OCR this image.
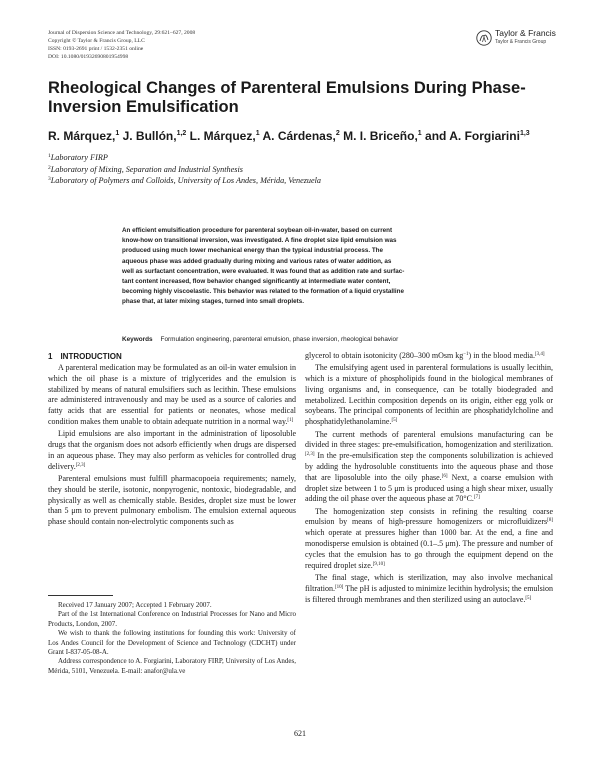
Journal of Dispersion Science and Technology, 29:621–627, 2008
Copyright © Taylor & Francis Group, LLC
ISSN: 0193-2691 print / 1532-2351 online
DOI: 10.1080/01932690801954998
Taylor & Francis
Taylor & Francis Group
Rheological Changes of Parenteral Emulsions During Phase-Inversion Emulsification
R. Márquez,$^1$ J. Bullón,$^{1,2}$ L. Márquez,$^1$ A. Cárdenas,$^2$ M. I. Briceño,$^1$ and A. Forgiarini$^{1,3}$
$^1$Laboratory FIRP
$^2$Laboratory of Mixing, Separation and Industrial Synthesis
$^3$Laboratory of Polymers and Colloids, University of Los Andes, Mérida, Venezuela
An efficient emulsification procedure for parenteral soybean oil-in-water, based on current
know-how on transitional inversion, was investigated. A fine droplet size lipid emulsion was
produced using much lower mechanical energy than the typical industrial process. The
aqueous phase was added gradually during mixing and various rates of water addition, as
well as surfactant concentration, were evaluated. It was found that as addition rate and surfac-
tant content increased, flow behavior changed significantly at intermediate water content,
becoming highly viscoelastic. This behavior was related to the formation of a liquid crystalline
phase that, at later mixing stages, turned into small droplets.
Keywords Formulation engineering, parenteral emulsion, phase inversion, rheological behavior
1 INTRODUCTION

A parenteral medication may be formulated as an oil-in water emulsion in which the oil phase is a mixture of triglycerides and the emulsion is stabilized by means of natural emulsifiers such as lecithin. These emulsions are administered intravenously and may be used as a source of calories and fatty acids that are essential for patients or neonates, whose medical condition makes them unable to obtain adequate nutrition in a normal way.[1]

Lipid emulsions are also important in the administration of liposoluble drugs that the organism does not adsorb efficiently when drugs are dispersed in an aqueous phase. They may also perform as vehicles for controlled drug delivery.[2,3]

Parenteral emulsions must fulfill pharmacopoeia requirements; namely, they should be sterile, isotonic, nonpyrogenic, nontoxic, biodegradable, and physically as well as chemically stable. Besides, droplet size must be lower than 5 μm to prevent pulmonary embolism. The emulsion external aqueous phase should contain non-electrolytic components such as

glycerol to obtain isotonicity (280–300 mOsm $kg^{-1}$) in the blood media.[3,4]

The emulsifying agent used in parenteral formulations is usually lecithin, which is a mixture of phospholipids found in the biological membranes of living organisms and, in consequence, can be totally biodegraded and metabolized. Lecithin composition depends on its origin, either egg yolk or soybeans. The principal components of lecithin are phosphatidylcholine and phosphatidylethanolamine.[5]

The current methods of parenteral emulsions manufacturing can be divided in three stages: pre-emulsification, homogenization and sterilization.[2,3] In the pre-emulsification step the components solubilization is achieved by adding the hydrosoluble constituents into the aqueous phase and those that are liposoluble into the oily phase.[6] Next, a coarse emulsion with droplet size between 1 to 5 μm is produced using a high shear mixer, usually adding the oil phase over the aqueous phase at 70°C.[7]

The homogenization step consists in refining the resulting coarse emulsion by means of high-pressure homogenizers or microfluidizers[8] which operate at pressures higher than 1000 bar. At the end, a fine and monodisperse emulsion is obtained (0.1–.5 μm). The pressure and number of cycles that the emulsion has to go through the equipment depend on the required droplet size.[9,10]

The final stage, which is sterilization, may also involve mechanical filtration.[10] The pH is adjusted to minimize lecithin hydrolysis; the emulsion is filtered through membranes and then sterilized using an autoclave.[5]

Received 17 January 2007; Accepted 1 February 2007.

Part of the 1st International Conference on Industrial Processes for Nano and Micro Products, London, 2007.

We wish to thank the following institutions for founding this work: University of Los Andes Council for the Development of Science and Technology (CDCHT) under Grant I-837-05-08-A.

Address correspondence to A. Forgiarini, Laboratory FIRP, University of Los Andes, Mérida, 5101, Venezuela. E-mail: anafor@ula.ve

621
